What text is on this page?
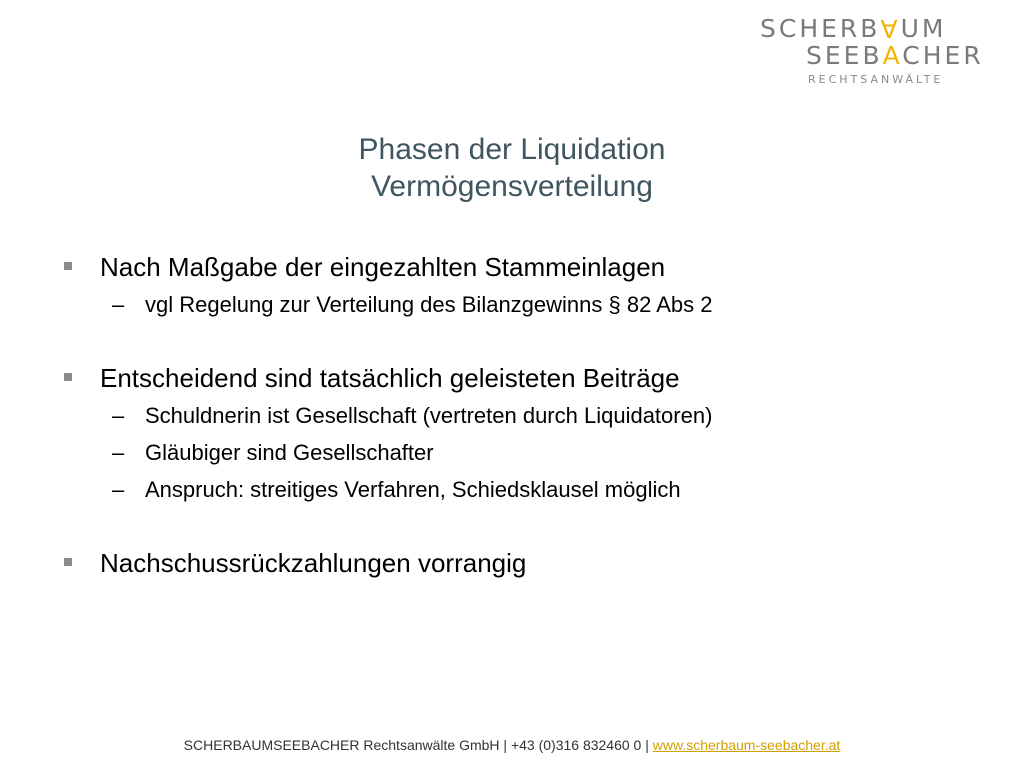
SCHERBAUM
SEEBACHER
RECHTSANWÄLTE
Phasen der Liquidation
Vermögensverteilung
Nach Maßgabe der eingezahlten Stammeinlagen
– vgl Regelung zur Verteilung des Bilanzgewinns § 82 Abs 2
Entscheidend sind tatsächlich geleisteten Beiträge
– Schuldnerin ist Gesellschaft (vertreten durch Liquidatoren)
– Gläubiger sind Gesellschafter
– Anspruch: streitiges Verfahren, Schiedsklausel möglich
Nachschussrückzahlungen vorrangig
SCHERBAUMSEEBACHER Rechtsanwälte GmbH | +43 (0)316 832460 0 | www.scherbaum-seebacher.at
